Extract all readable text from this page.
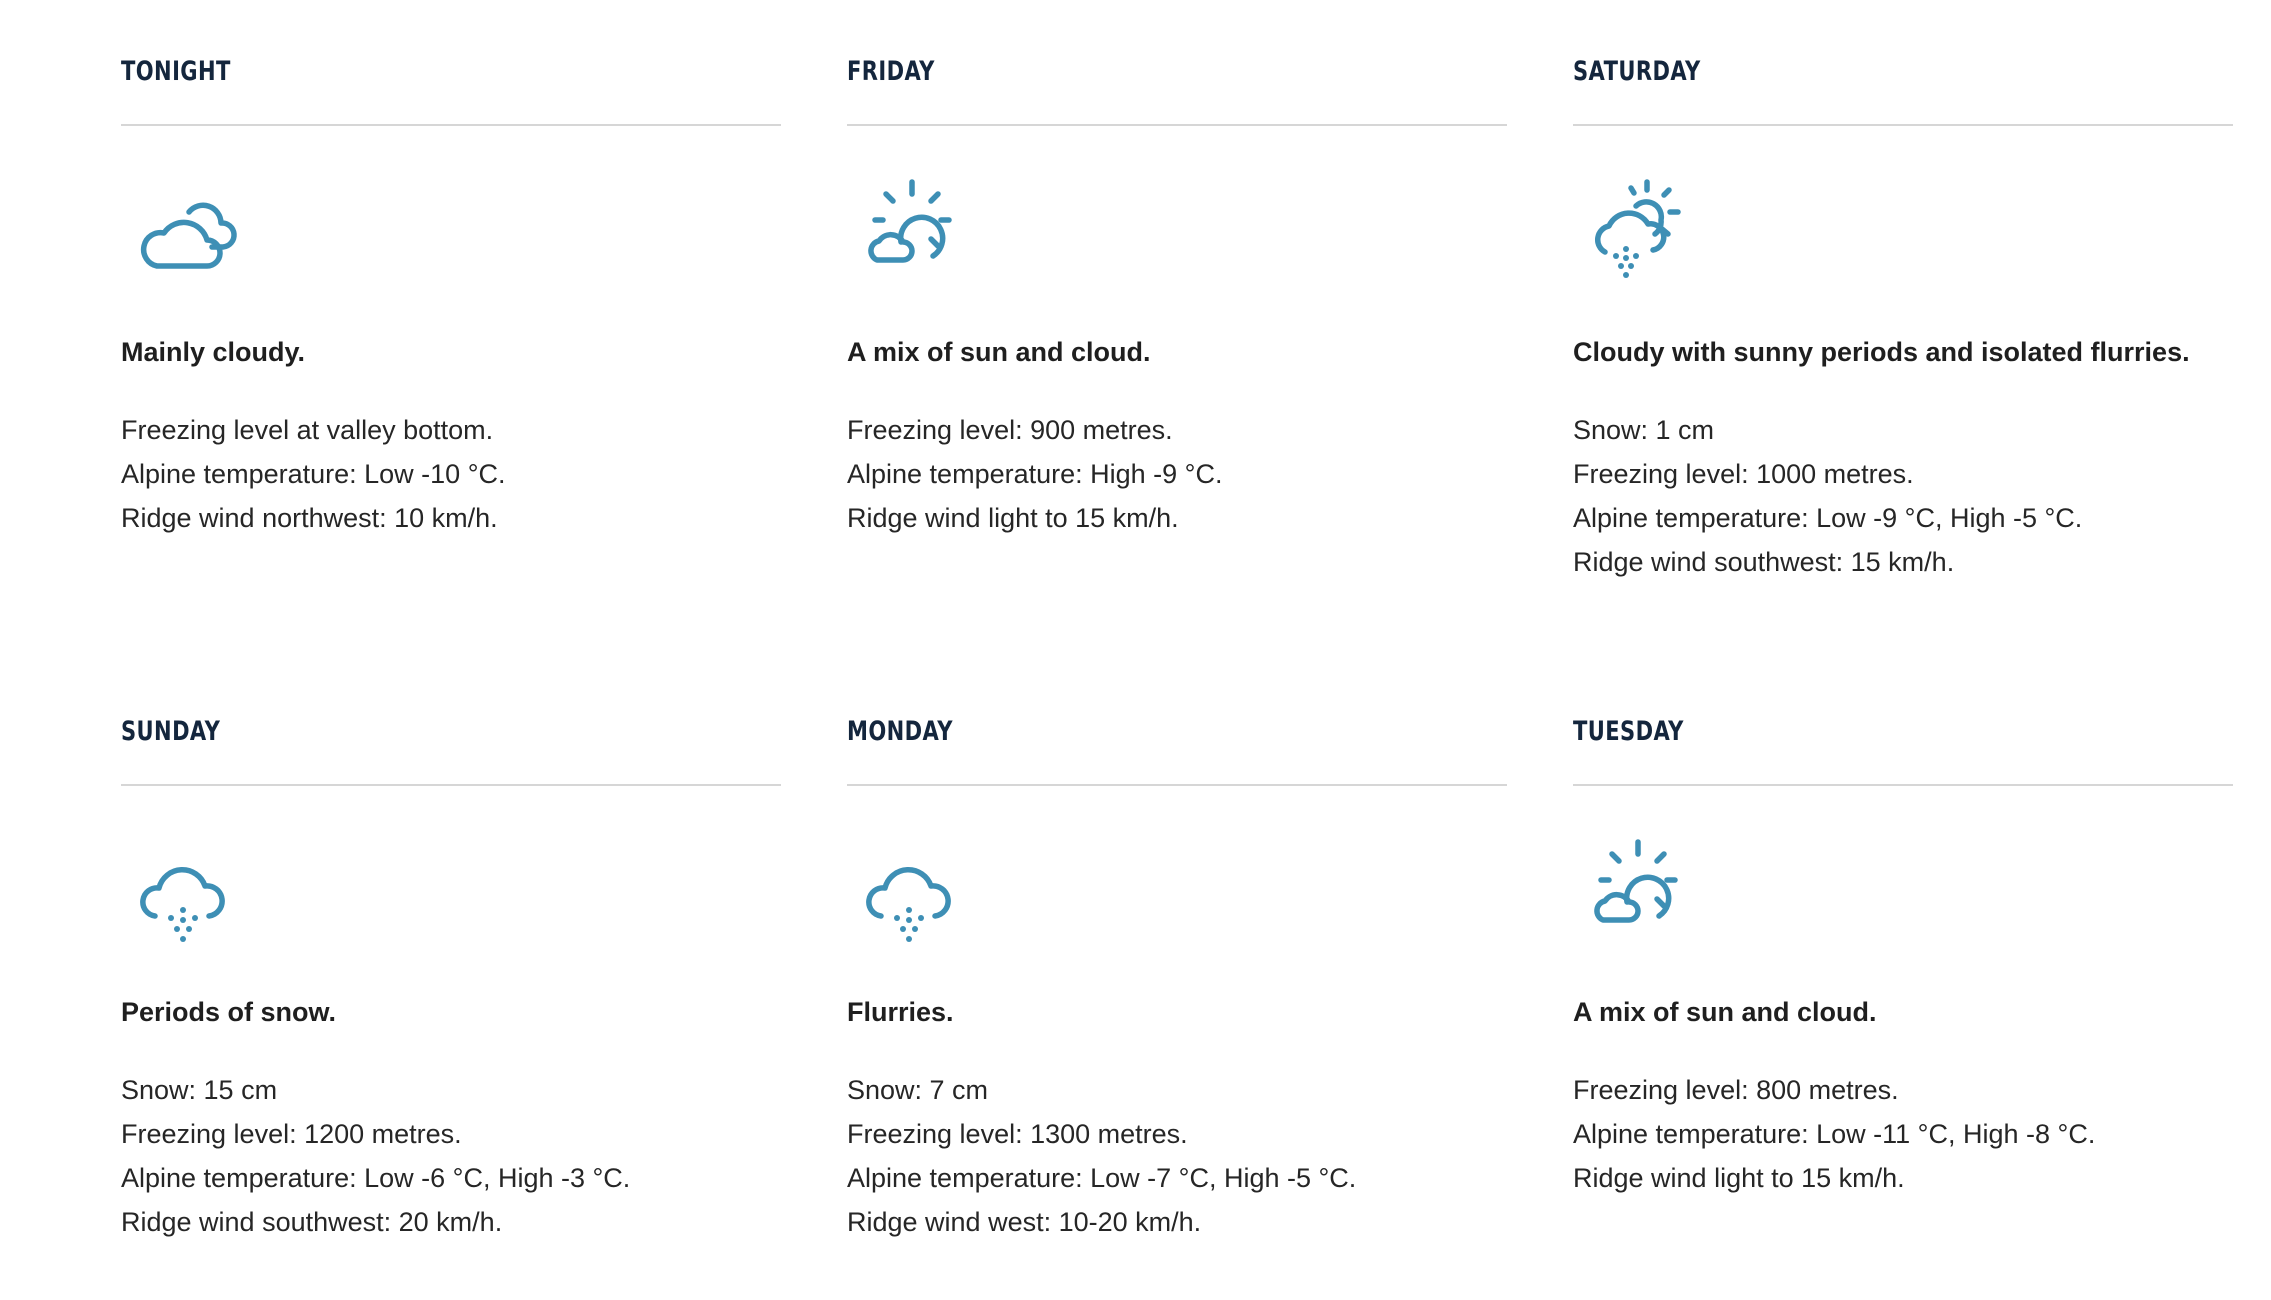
TONIGHT

Mainly cloudy.

Freezing level at valley bottom.
Alpine temperature: Low -10 °C.
Ridge wind northwest: 10 km/h.
FRIDAY

A mix of sun and cloud.

Freezing level: 900 metres.
Alpine temperature: High -9 °C.
Ridge wind light to 15 km/h.
SATURDAY

Cloudy with sunny periods and isolated flurries.

Snow: 1 cm
Freezing level: 1000 metres.
Alpine temperature: Low -9 °C, High -5 °C.
Ridge wind southwest: 15 km/h.
SUNDAY

Periods of snow.

Snow: 15 cm
Freezing level: 1200 metres.
Alpine temperature: Low -6 °C, High -3 °C.
Ridge wind southwest: 20 km/h.
MONDAY

Flurries.

Snow: 7 cm
Freezing level: 1300 metres.
Alpine temperature: Low -7 °C, High -5 °C.
Ridge wind west: 10-20 km/h.
TUESDAY

A mix of sun and cloud.

Freezing level: 800 metres.
Alpine temperature: Low -11 °C, High -8 °C.
Ridge wind light to 15 km/h.
